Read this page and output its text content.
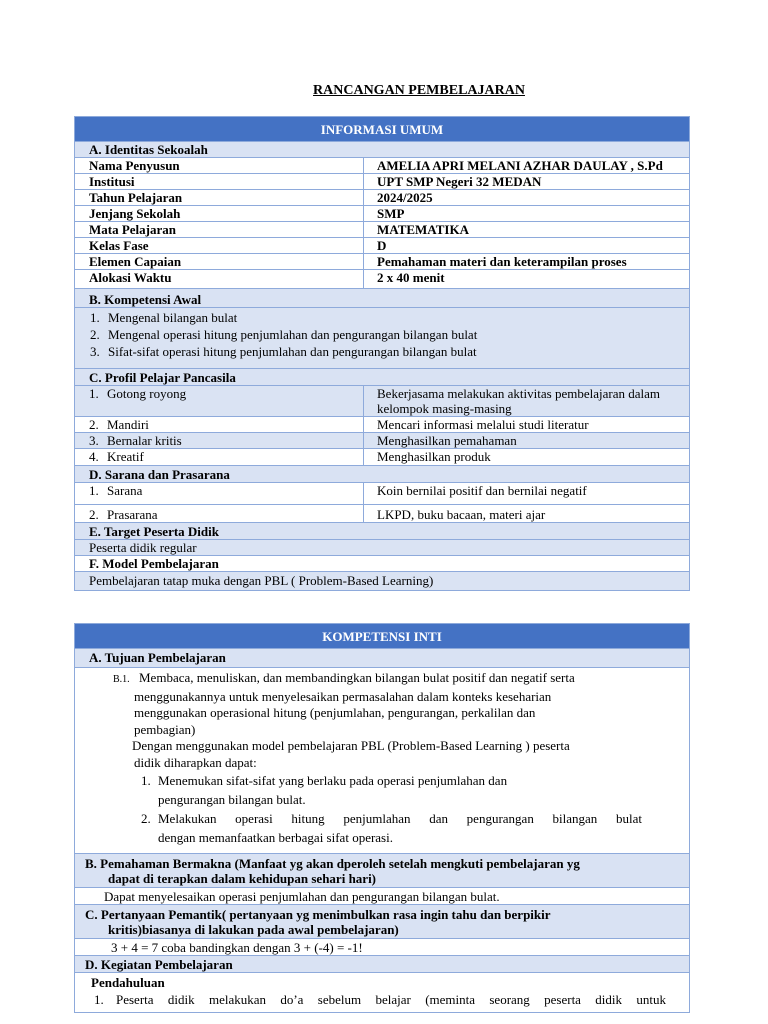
RANCANGAN PEMBELAJARAN
INFORMASI UMUM	
A. Identitas Sekoalah	
Nama Penyusun	AMELIA APRI MELANI AZHAR DAULAY , S.Pd
Institusi	UPT SMP Negeri 32 MEDAN
Tahun Pelajaran	2024/2025
Jenjang Sekolah	SMP
Mata Pelajaran	MATEMATIKA
Kelas Fase	D
Elemen Capaian	Pemahaman materi dan keterampilan proses
Alokasi Waktu	2 x 40 menit
B. Kompetensi Awal	

1. Mengenal bilangan bulat
2. Mengenal operasi hitung penjumlahan dan pengurangan bilangan bulat
3. Sifat-sifat operasi hitung penjumlahan dan pengurangan bilangan bulat	

C. Profil Pelajar Pancasila	
1. Gotong royong	Bekerjasama melakukan aktivitas pembelajaran dalam
kelompok masing-masing

2. Mandiri	Mencari informasi melalui studi literatur
3. Bernalar kritis	Menghasilkan pemahaman
4. Kreatif	Menghasilkan produk
D. Sarana dan Prasarana	
1. Sarana	Koin bernilai positif dan bernilai negatif
2. Prasarana	LKPD, buku bacaan, materi ajar
E. Target Peserta Didik	
Peserta didik regular	
F. Model Pembelajaran	
Pembelajaran tatap muka dengan PBL ( Problem-Based Learning)	
KOMPETENSI INTI
A. Tujuan Pembelajaran

B.1. Membaca, menuliskan, dan membandingkan bilangan bulat positif dan negatif serta
menggunakannya untuk menyelesaikan permasalahan dalam konteks keseharian
menggunakan operasional hitung (penjumlahan, pengurangan, perkalilan dan
pembagian)
Dengan menggunakan model pembelajaran PBL (Problem-Based Learning ) peserta
didik diharapkan dapat:
1. Menemukan sifat-sifat yang berlaku pada operasi penjumlahan dan
pengurangan bilangan bulat.
2. Melakukan operasi hitung penjumlahan dan pengurangan bilangan bulat
dengan memanfaatkan berbagai sifat operasi.

B. Pemahaman Bermakna (Manfaat yg akan dperoleh setelah mengkuti pembelajaran yg
dapat di terapkan dalam kehidupan sehari hari)

Dapat menyelesaikan operasi penjumlahan dan pengurangan bilangan bulat.

C. Pertanyaan Pemantik( pertanyaan yg menimbulkan rasa ingin tahu dan berpikir
kritis)biasanya di lakukan pada awal pembelajaran)

3 + 4 = 7 coba bandingkan dengan 3 + (-4) = -1!
D. Kegiatan Pembelajaran

Pendahuluan
1. Peserta didik melakukan do’a sebelum belajar (meminta seorang peserta didik untuk
